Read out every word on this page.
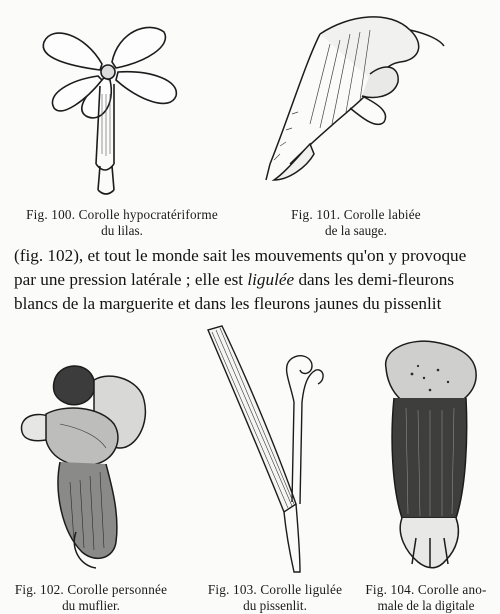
Fig. 100. Corolle hypocratériforme
du lilas.
Fig. 101. Corolle labiée
de la sauge.
(fig. 102), et tout le monde sait les mouvements qu'on y provoque
par une pression latérale ; elle est ligulée dans les demi-fleurons
blancs de la marguerite et dans les fleurons jaunes du pissenlit
Fig. 102. Corolle personnée
du muflier.
Fig. 103. Corolle ligulée
du pissenlit.
Fig. 104. Corolle ano-
male de la digitale
